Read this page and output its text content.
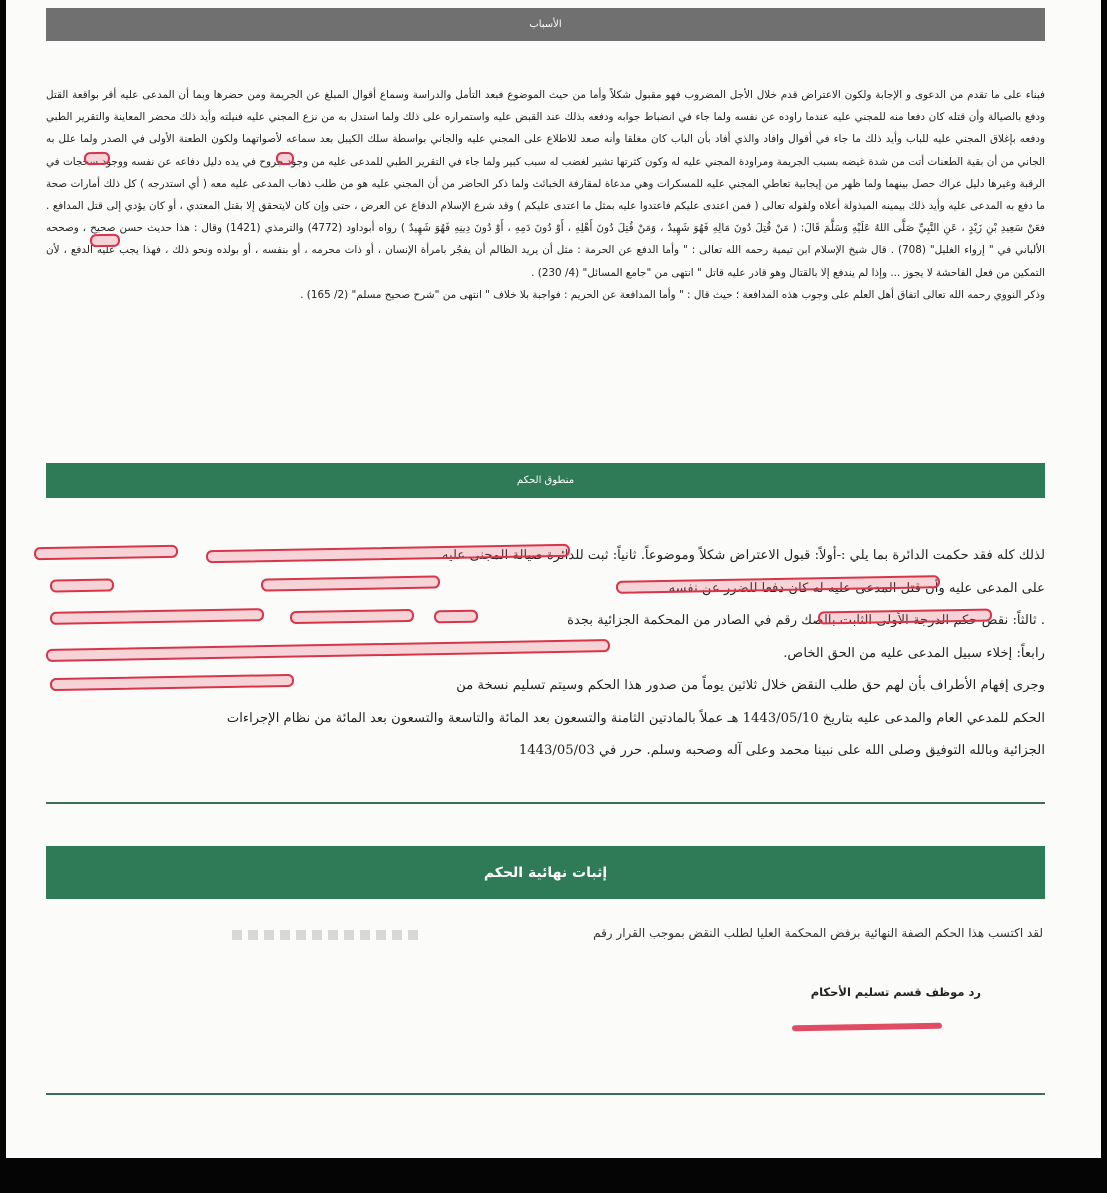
الأسباب

فبناء على ما تقدم من الدعوى و الإجابة ولكون الاعتراض قدم خلال الأجل المضروب فهو مقبول شكلاً وأما من حيث الموضوع فبعد التأمل والدراسة وسماع أقوال المبلغ عن الجريمة ومن حضرها وبما أن المدعى عليه أقر بواقعة القتل ودفع بالصيالة وأن قتله كان دفعا منه للمجني عليه عندما راوده عن نفسه ولما جاء في انضباط جوابه ودفعه بذلك عند القبض عليه واستمراره على ذلك ولما استدل به من نزع المجني عليه فنيلته وأيد ذلك محضر المعاينة والتقرير الطبي ودفعه بإغلاق المجني عليه للباب وأيد ذلك ما جاء في أقوال وافاد والذي أفاد بأن الباب كان مغلقا وأنه صعد للاطلاع على المجني عليه والجاني بواسطة سلك الكيبل بعد سماعه لأصواتهما ولكون الطعنة الأولى في الصدر ولما علل به الجاني من أن بقية الطعنات أتت من شدة غيضه بسبب الجريمة ومراودة المجني عليه له وكون كثرتها تشير لغضب له سبب كبير ولما جاء في التقرير الطبي للمدعى عليه من وجود جروح في يده دليل دفاعه عن نفسه ووجود سحجات في الرقبة وغيرها دليل عراك حصل بينهما ولما ظهر من إيجابية تعاطي المجني عليه للمسكرات وهي مدعاة لمقارفة الخبائث ولما ذكر الحاضر من أن المجني عليه هو من طلب ذهاب المدعى عليه معه ( أي استدرجه ) كل ذلك أمارات صحة ما دفع به المدعى عليه وأيد ذلك بيمينه المبذولة أعلاه ولقوله تعالى ( فمن اعتدى عليكم فاعتدوا عليه بمثل ما اعتدى عليكم ) وقد شرع الإسلام الدفاع عن العرض ، حتى وإن كان لايتحقق إلا بقتل المعتدي ، أو كان يؤدي إلى قتل المدافع . فعَنْ سَعِيدِ بْنِ زَيْدٍ ، عَنِ النَّبِيِّ صَلَّى اللهُ عَلَيْهِ وَسَلَّمَ قَالَ: ( مَنْ قُتِلَ دُونَ مَالِهِ فَهُوَ شَهِيدٌ ، وَمَنْ قُتِلَ دُونَ أَهْلِهِ ، أَوْ دُونَ دَمِهِ ، أَوْ دُونَ دِينِهِ فَهُوَ شَهِيدٌ ) رواه أبوداود (4772) والترمذي (1421) وقال : هذا حديث حسن صحيح ، وصححه الألباني في " إرواء الغليل" (708) . قال شيخ الإسلام ابن تيمية رحمه الله تعالى : " وأما الدفع عن الحرمة : مثل أن يريد الظالم أن يفجُر بامرأة الإنسان ، أو ذات محرمه ، أو بنفسه ، أو بولده ونحو ذلك ، فهذا يجب عليه الدفع ، لأن التمكين من فعل الفاحشة لا يجوز ... وإذا لم يندفع إلا بالقتال وهو قادر عليه قاتل " انتهى من "جامع المسائل" (4/ 230) .

وذكر النووي رحمه الله تعالى اتفاق أهل العلم على وجوب هذه المدافعة ؛ حيث قال : " وأما المدافعة عن الحريم : فواجبة بلا خلاف " انتهى من "شرح صحيح مسلم" (2/ 165) .

منطوق الحكم

لذلك كله فقد حكمت الدائرة بما يلي :-أولاً: قبول الاعتراض شكلاً وموضوعاً. ثانياً: ثبت للدائرة صيالة المجنى عليه

على المدعى عليه وأن قتل المدعى عليه له كان دفعا للضرر عن نفسه

. ثالثاً: نقض حكم الدرجة الأولى الثابت بالصك رقم في الصادر من المحكمة الجزائية بجدة

رابعاً: إخلاء سبيل المدعى عليه من الحق الخاص.

وجرى إفهام الأطراف بأن لهم حق طلب النقض خلال ثلاثين يوماً من صدور هذا الحكم وسيتم تسليم نسخة من

الحكم للمدعي العام والمدعى عليه بتاريخ 1443/05/10 هـ عملاً بالمادتين الثامنة والتسعون بعد المائة والتاسعة والتسعون بعد المائة من نظام الإجراءات

الجزائية وبالله التوفيق وصلى الله على نبينا محمد وعلى آله وصحبه وسلم. حرر في 1443/05/03

إثبات نهائية الحكم
لقد اكتسب هذا الحكم الصفة النهائية برفض المحكمة العليا لطلب النقض بموجب القرار رقم
رد موظف قسم تسليم الأحكام
